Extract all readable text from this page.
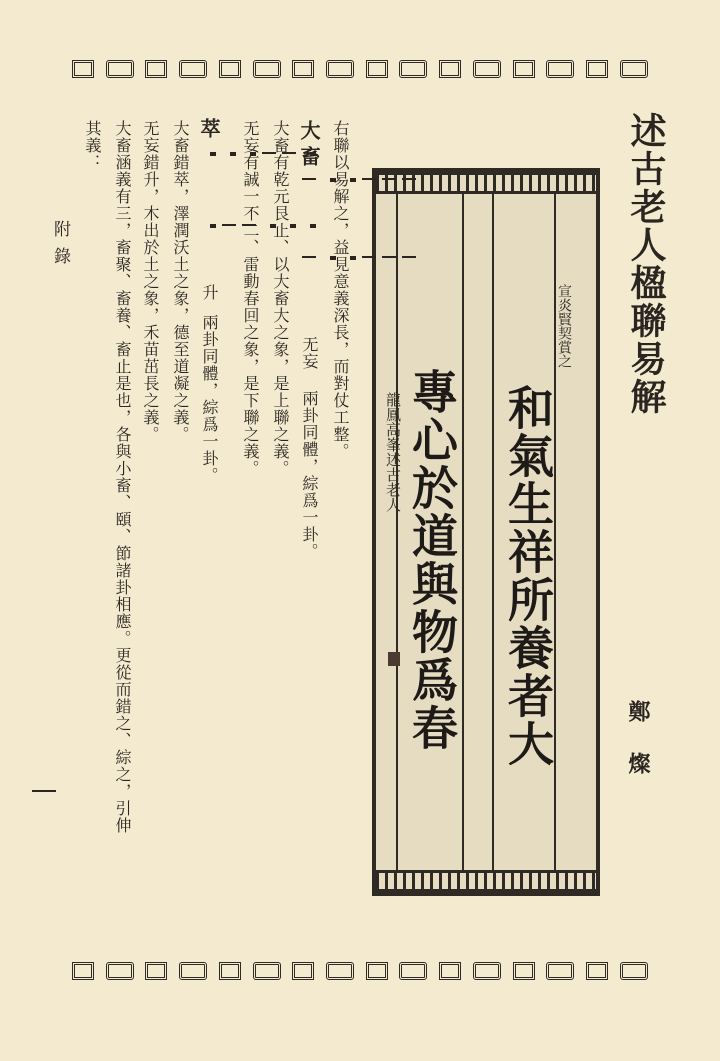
述古老人楹聯易解
宣炎賢契賞之
和氣生祥所養者大
專心於道與物爲春
龍鳳高峯述古老人
鄭　燦
右聯以易解之，益見意義深長，而對仗工整。
大畜
无妄
兩卦同體，綜爲一卦。
大畜有乾元艮止、以大畜大之象，是上聯之義。
无妄有誠一不二、雷動春回之象，是下聯之義。
萃
升
兩卦同體，綜爲一卦。
大畜錯萃，澤潤沃土之象，德至道凝之義。
无妄錯升，木出於土之象，禾苗茁長之義。
大畜涵義有三，畜聚、畜養、畜止是也，各與小畜、頤、節諸卦相應。更從而錯之、綜之，引伸
其義：
附錄
